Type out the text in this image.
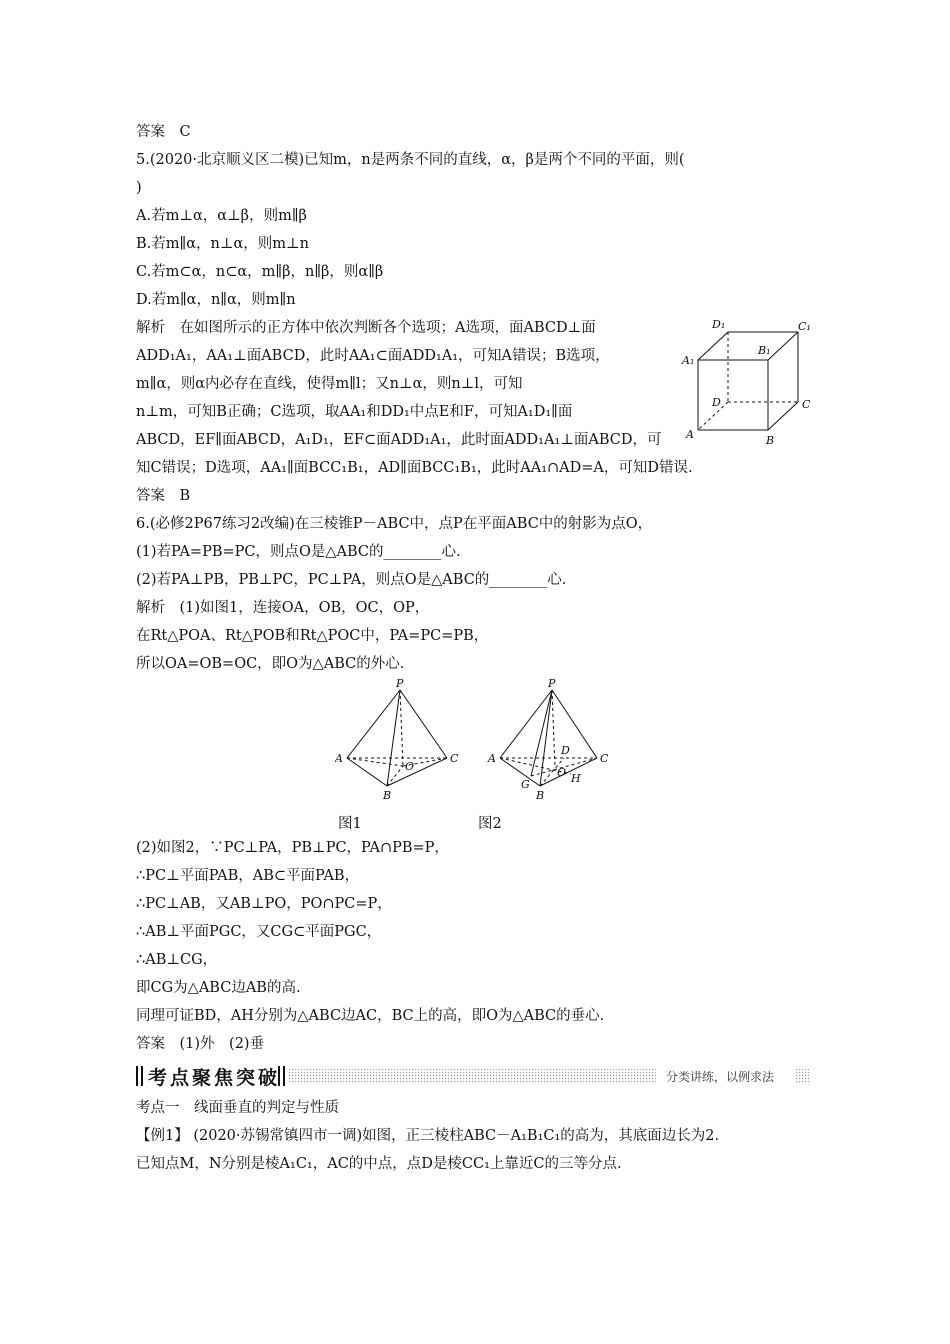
答案　C
5.(2020·北京顺义区二模)已知m，n是两条不同的直线，α，β是两个不同的平面，则(
)
A.若m⊥α，α⊥β，则m∥β
B.若m∥α，n⊥α，则m⊥n
C.若m⊂α，n⊂α，m∥β，n∥β，则α∥β
D.若m∥α，n∥α，则m∥n
解析　在如图所示的正方体中依次判断各个选项；A选项，面ABCD⊥面
ADD₁A₁，AA₁⊥面ABCD，此时AA₁⊂面ADD₁A₁，可知A错误；B选项，
m∥α，则α内必存在直线，使得m∥l；又n⊥α，则n⊥l，可知
n⊥m，可知B正确；C选项，取AA₁和DD₁中点E和F，可知A₁D₁∥面
ABCD，EF∥面ABCD，A₁D₁，EF⊂面ADD₁A₁，此时面ADD₁A₁⊥面ABCD，可
知C错误；D选项，AA₁∥面BCC₁B₁，AD∥面BCC₁B₁，此时AA₁∩AD=A，可知D错误.
答案　B
6.(必修2P67练习2改编)在三棱锥P－ABC中，点P在平面ABC中的射影为点O，
(1)若PA=PB=PC，则点O是△ABC的________心.
(2)若PA⊥PB，PB⊥PC，PC⊥PA，则点O是△ABC的________心.
解析　(1)如图1，连接OA，OB，OC，OP，
在Rt△POA、Rt△POB和Rt△POC中，PA=PC=PB，
所以OA=OB=OC，即O为△ABC的外心.
D₁	C₁
A₁
B₁
D	C
A	B
P
A	C
B
O
P
A	C
D
O
G	H
B
图1	图2
(2)如图2，∵PC⊥PA，PB⊥PC，PA∩PB=P，
∴PC⊥平面PAB，AB⊂平面PAB，
∴PC⊥AB，又AB⊥PO，PO∩PC=P，
∴AB⊥平面PGC，又CG⊂平面PGC，
∴AB⊥CG，
即CG为△ABC边AB的高.
同理可证BD，AH分别为△ABC边AC，BC上的高，即O为△ABC的垂心.
答案　(1)外　(2)垂
考点聚焦突破	分类讲练，以例求法
考点一　线面垂直的判定与性质
【例1】 (2020·苏锡常镇四市一调)如图，正三棱柱ABC－A₁B₁C₁的高为，其底面边长为2.
已知点M，N分别是棱A₁C₁，AC的中点，点D是棱CC₁上靠近C的三等分点.
